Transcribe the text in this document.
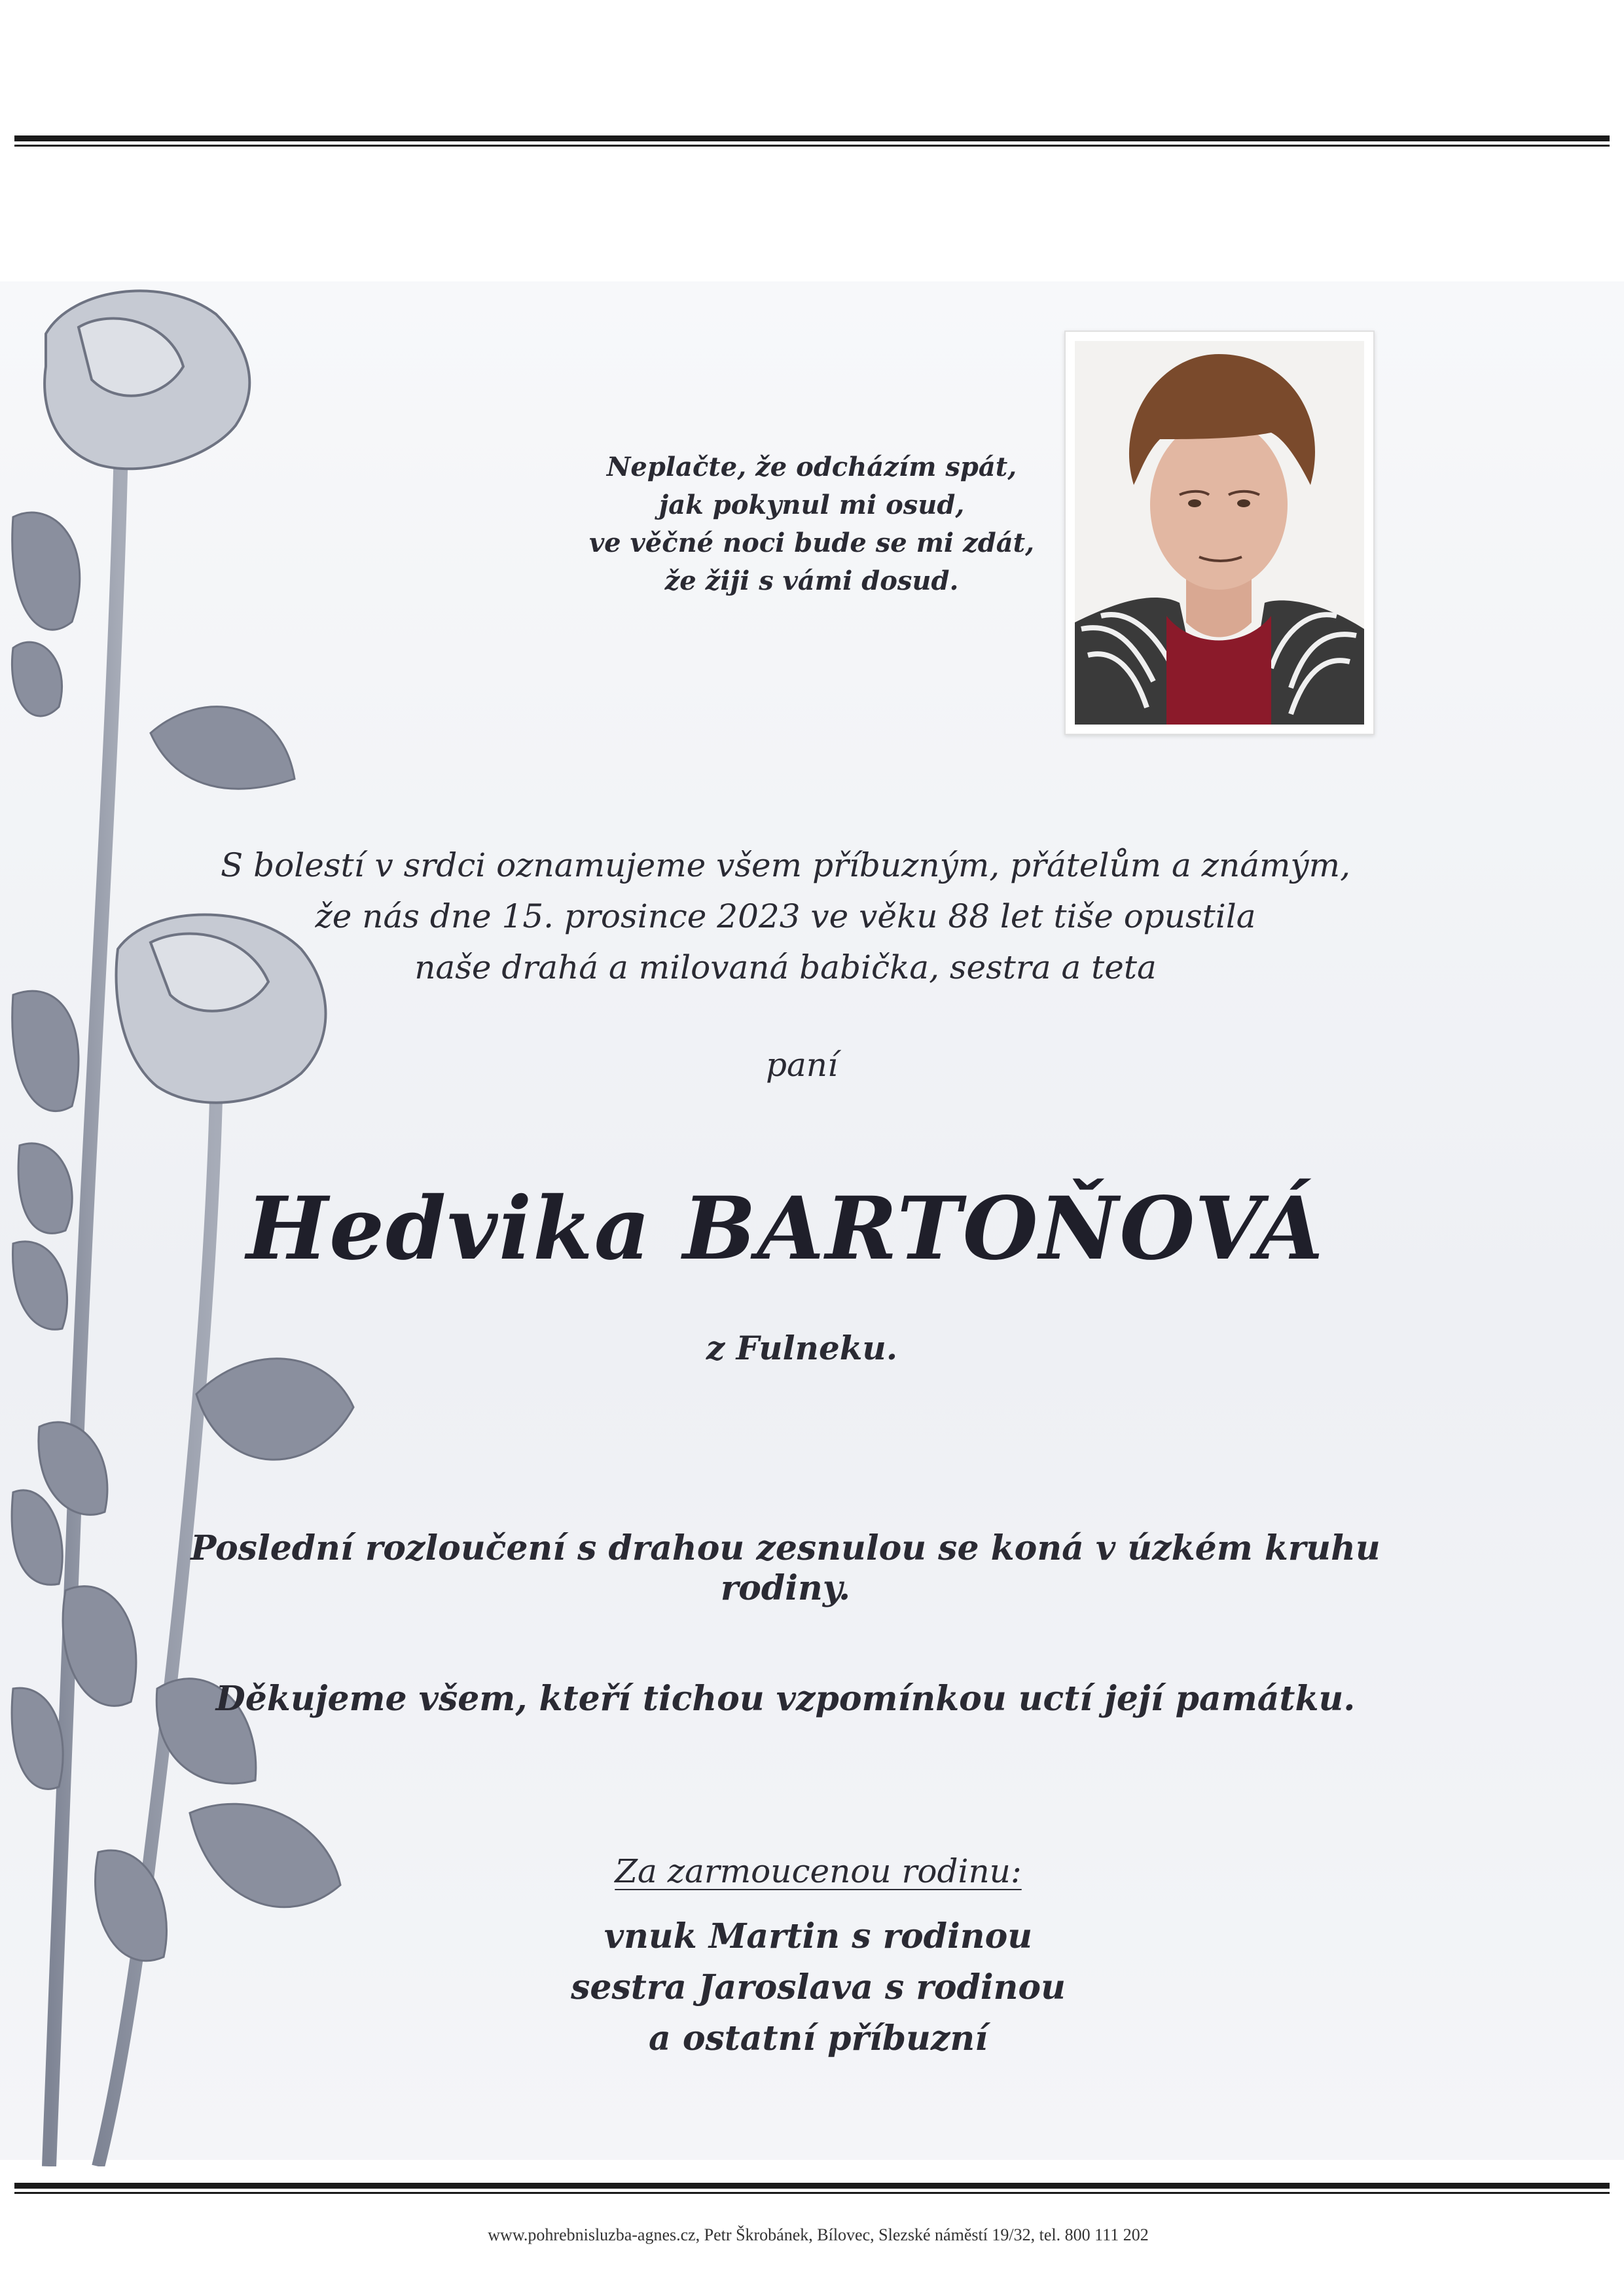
Neplačte, že odcházím spát,
jak pokynul mi osud,
ve věčné noci bude se mi zdát,
že žiji s vámi dosud.
S bolestí v srdci oznamujeme všem příbuzným, přátelům a známým,
že nás dne 15. prosince 2023 ve věku 88 let tiše opustila
naše drahá a milovaná babička, sestra a teta
paní
Hedvika BARTOŇOVÁ
z Fulneku.
Poslední rozloučení s drahou zesnulou se koná v úzkém kruhu rodiny.
Děkujeme všem, kteří tichou vzpomínkou uctí její památku.
Za zarmoucenou rodinu:
vnuk Martin s rodinou
sestra Jaroslava s rodinou
a ostatní příbuzní
www.pohrebnisluzba-agnes.cz, Petr Škrobánek, Bílovec, Slezské náměstí 19/32, tel. 800 111 202
